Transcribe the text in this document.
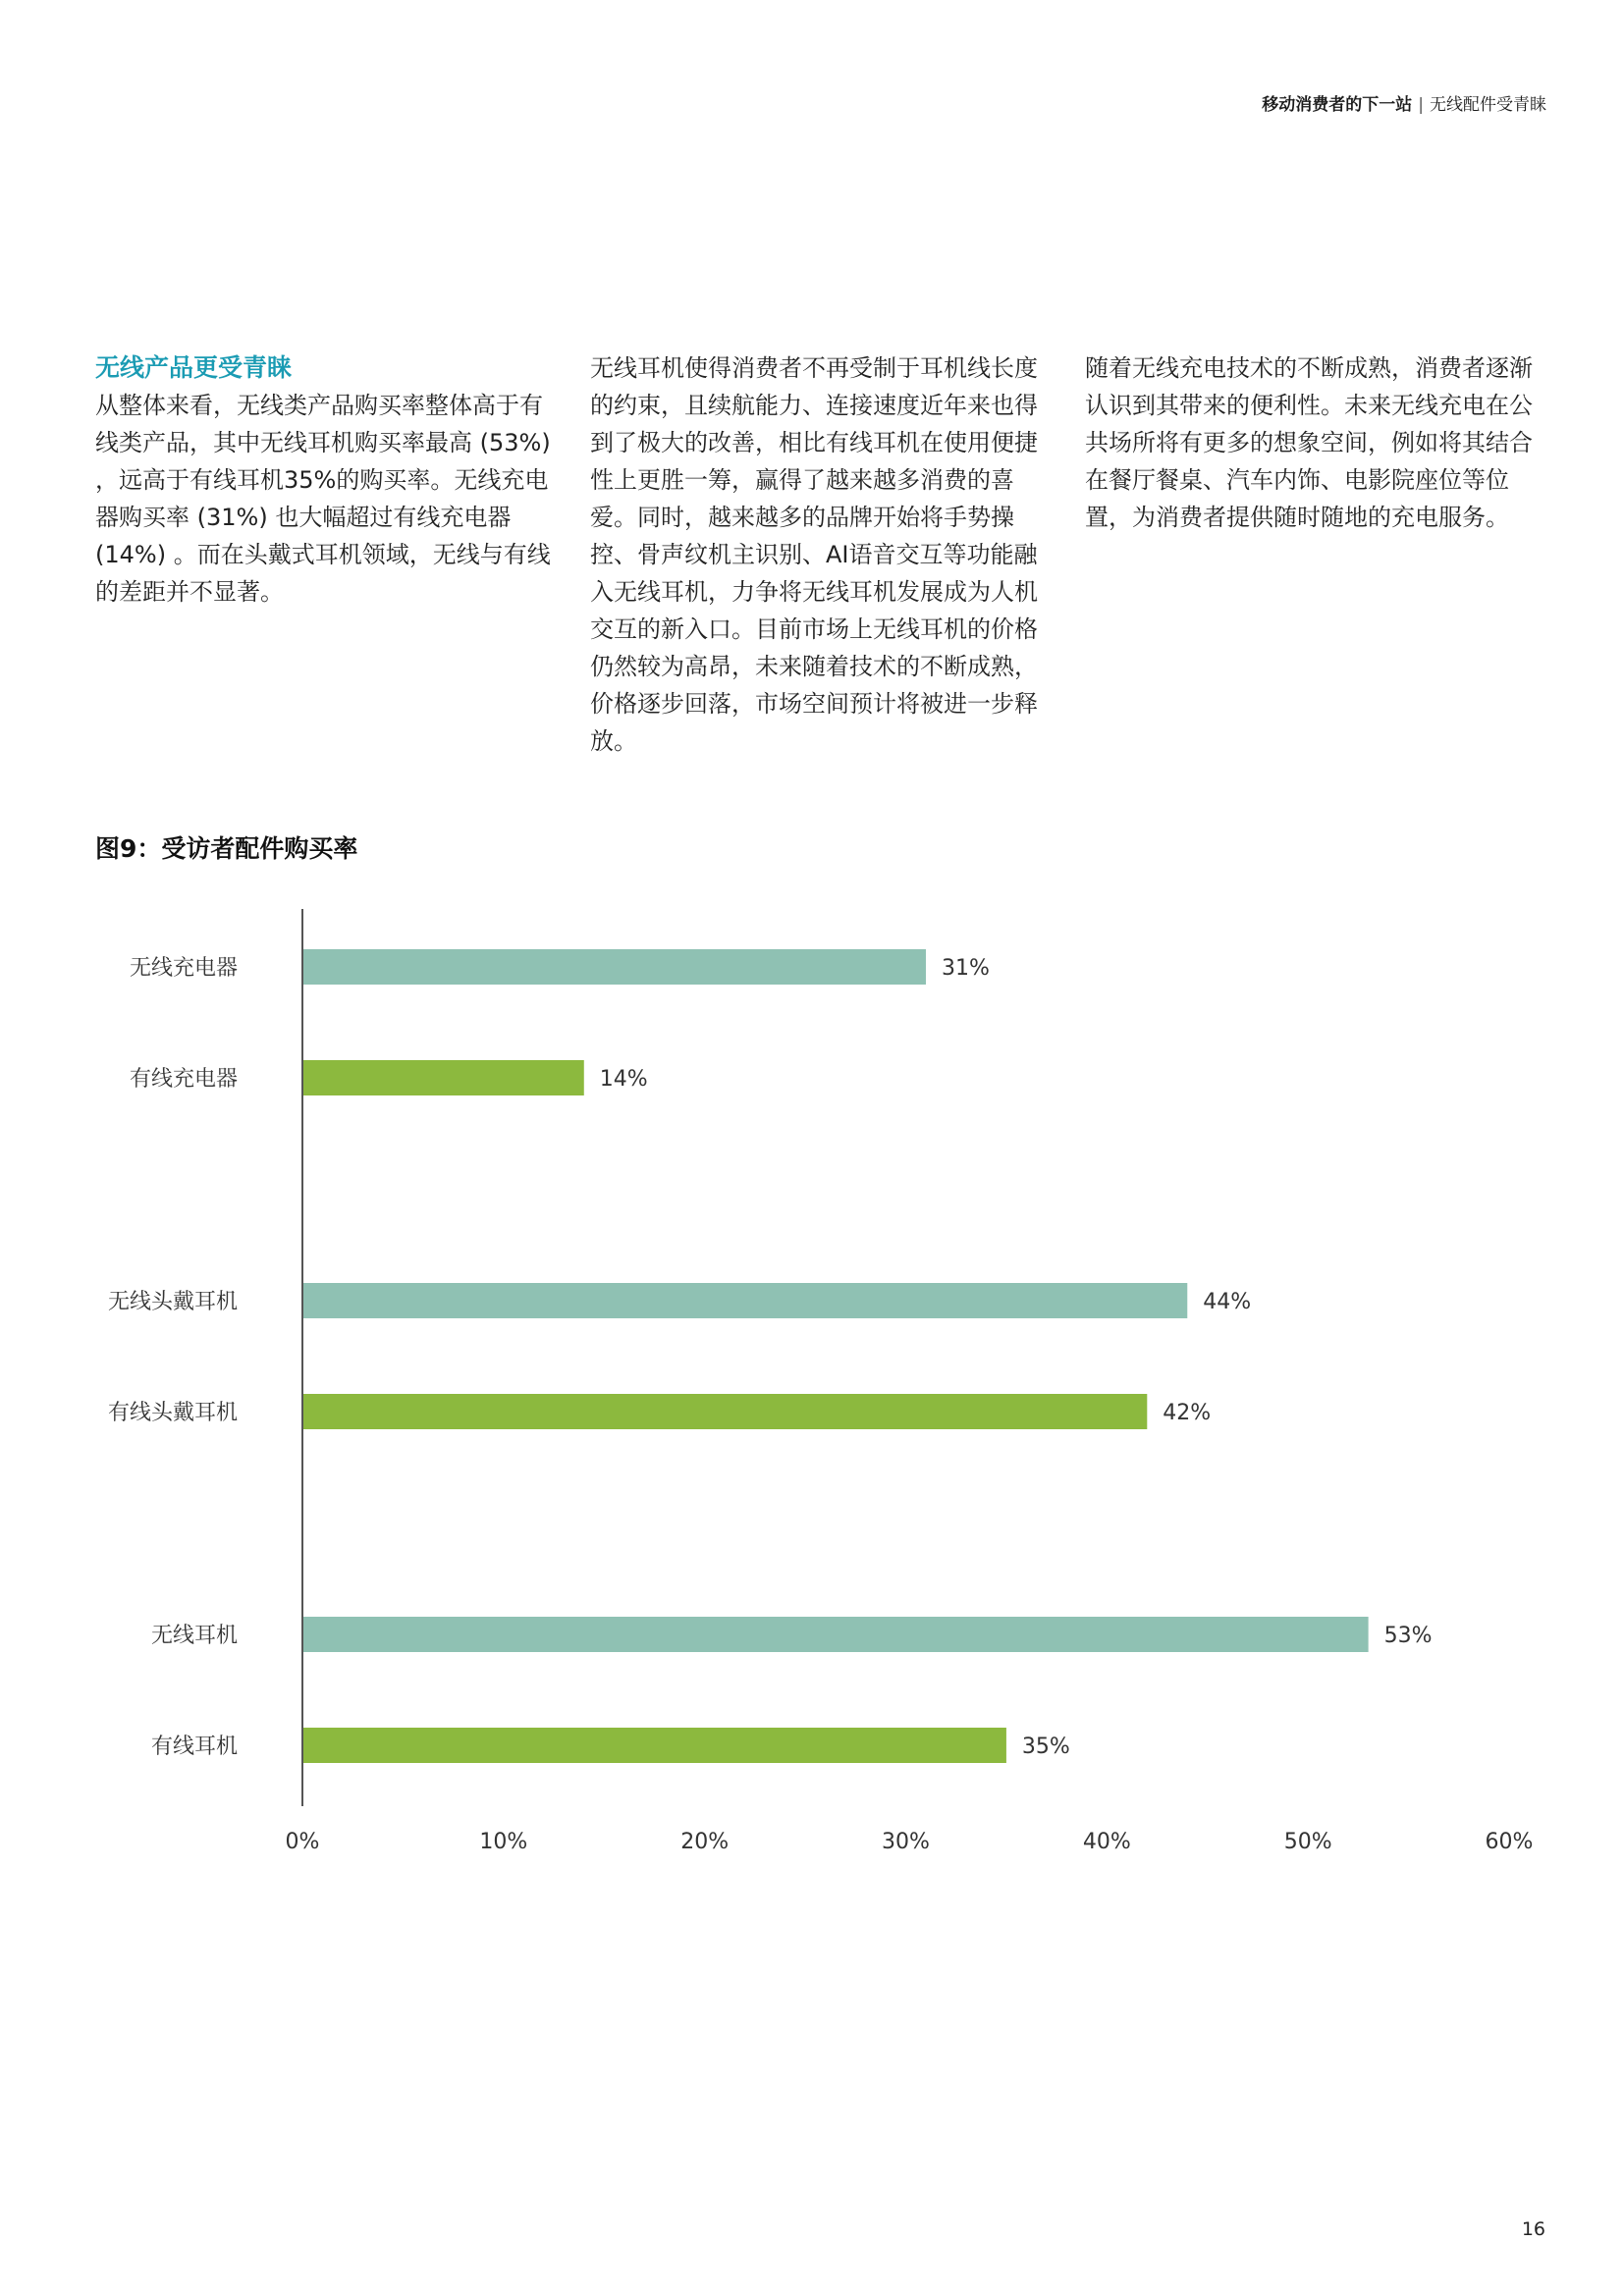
移动消费者的下一站 | 无线配件受青睐
无线产品更受青睐

从整体来看，无线类产品购买率整体高于有线类产品，其中无线耳机购买率最高 (53%) ，远高于有线耳机35%的购买率。无线充电器购买率 (31%) 也大幅超过有线充电器 (14%) 。而在头戴式耳机领域，无线与有线的差距并不显著。

无线耳机使得消费者不再受制于耳机线长度的约束，且续航能力、连接速度近年来也得到了极大的改善，相比有线耳机在使用便捷性上更胜一筹，赢得了越来越多消费的喜爱。同时，越来越多的品牌开始将手势操控、骨声纹机主识别、AI语音交互等功能融入无线耳机，力争将无线耳机发展成为人机交互的新入口。目前市场上无线耳机的价格仍然较为高昂，未来随着技术的不断成熟，价格逐步回落，市场空间预计将被进一步释放。

随着无线充电技术的不断成熟，消费者逐渐认识到其带来的便利性。未来无线充电在公共场所将有更多的想象空间，例如将其结合在餐厅餐桌、汽车内饰、电影院座位等位置，为消费者提供随时随地的充电服务。

图9：受访者配件购买率
无线充电器	31%
有线充电器	14%
无线头戴耳机	44%
有线头戴耳机	42%
无线耳机	53%
有线耳机	35%
0%	10%	20%	30%	40%	50%	60%
16
